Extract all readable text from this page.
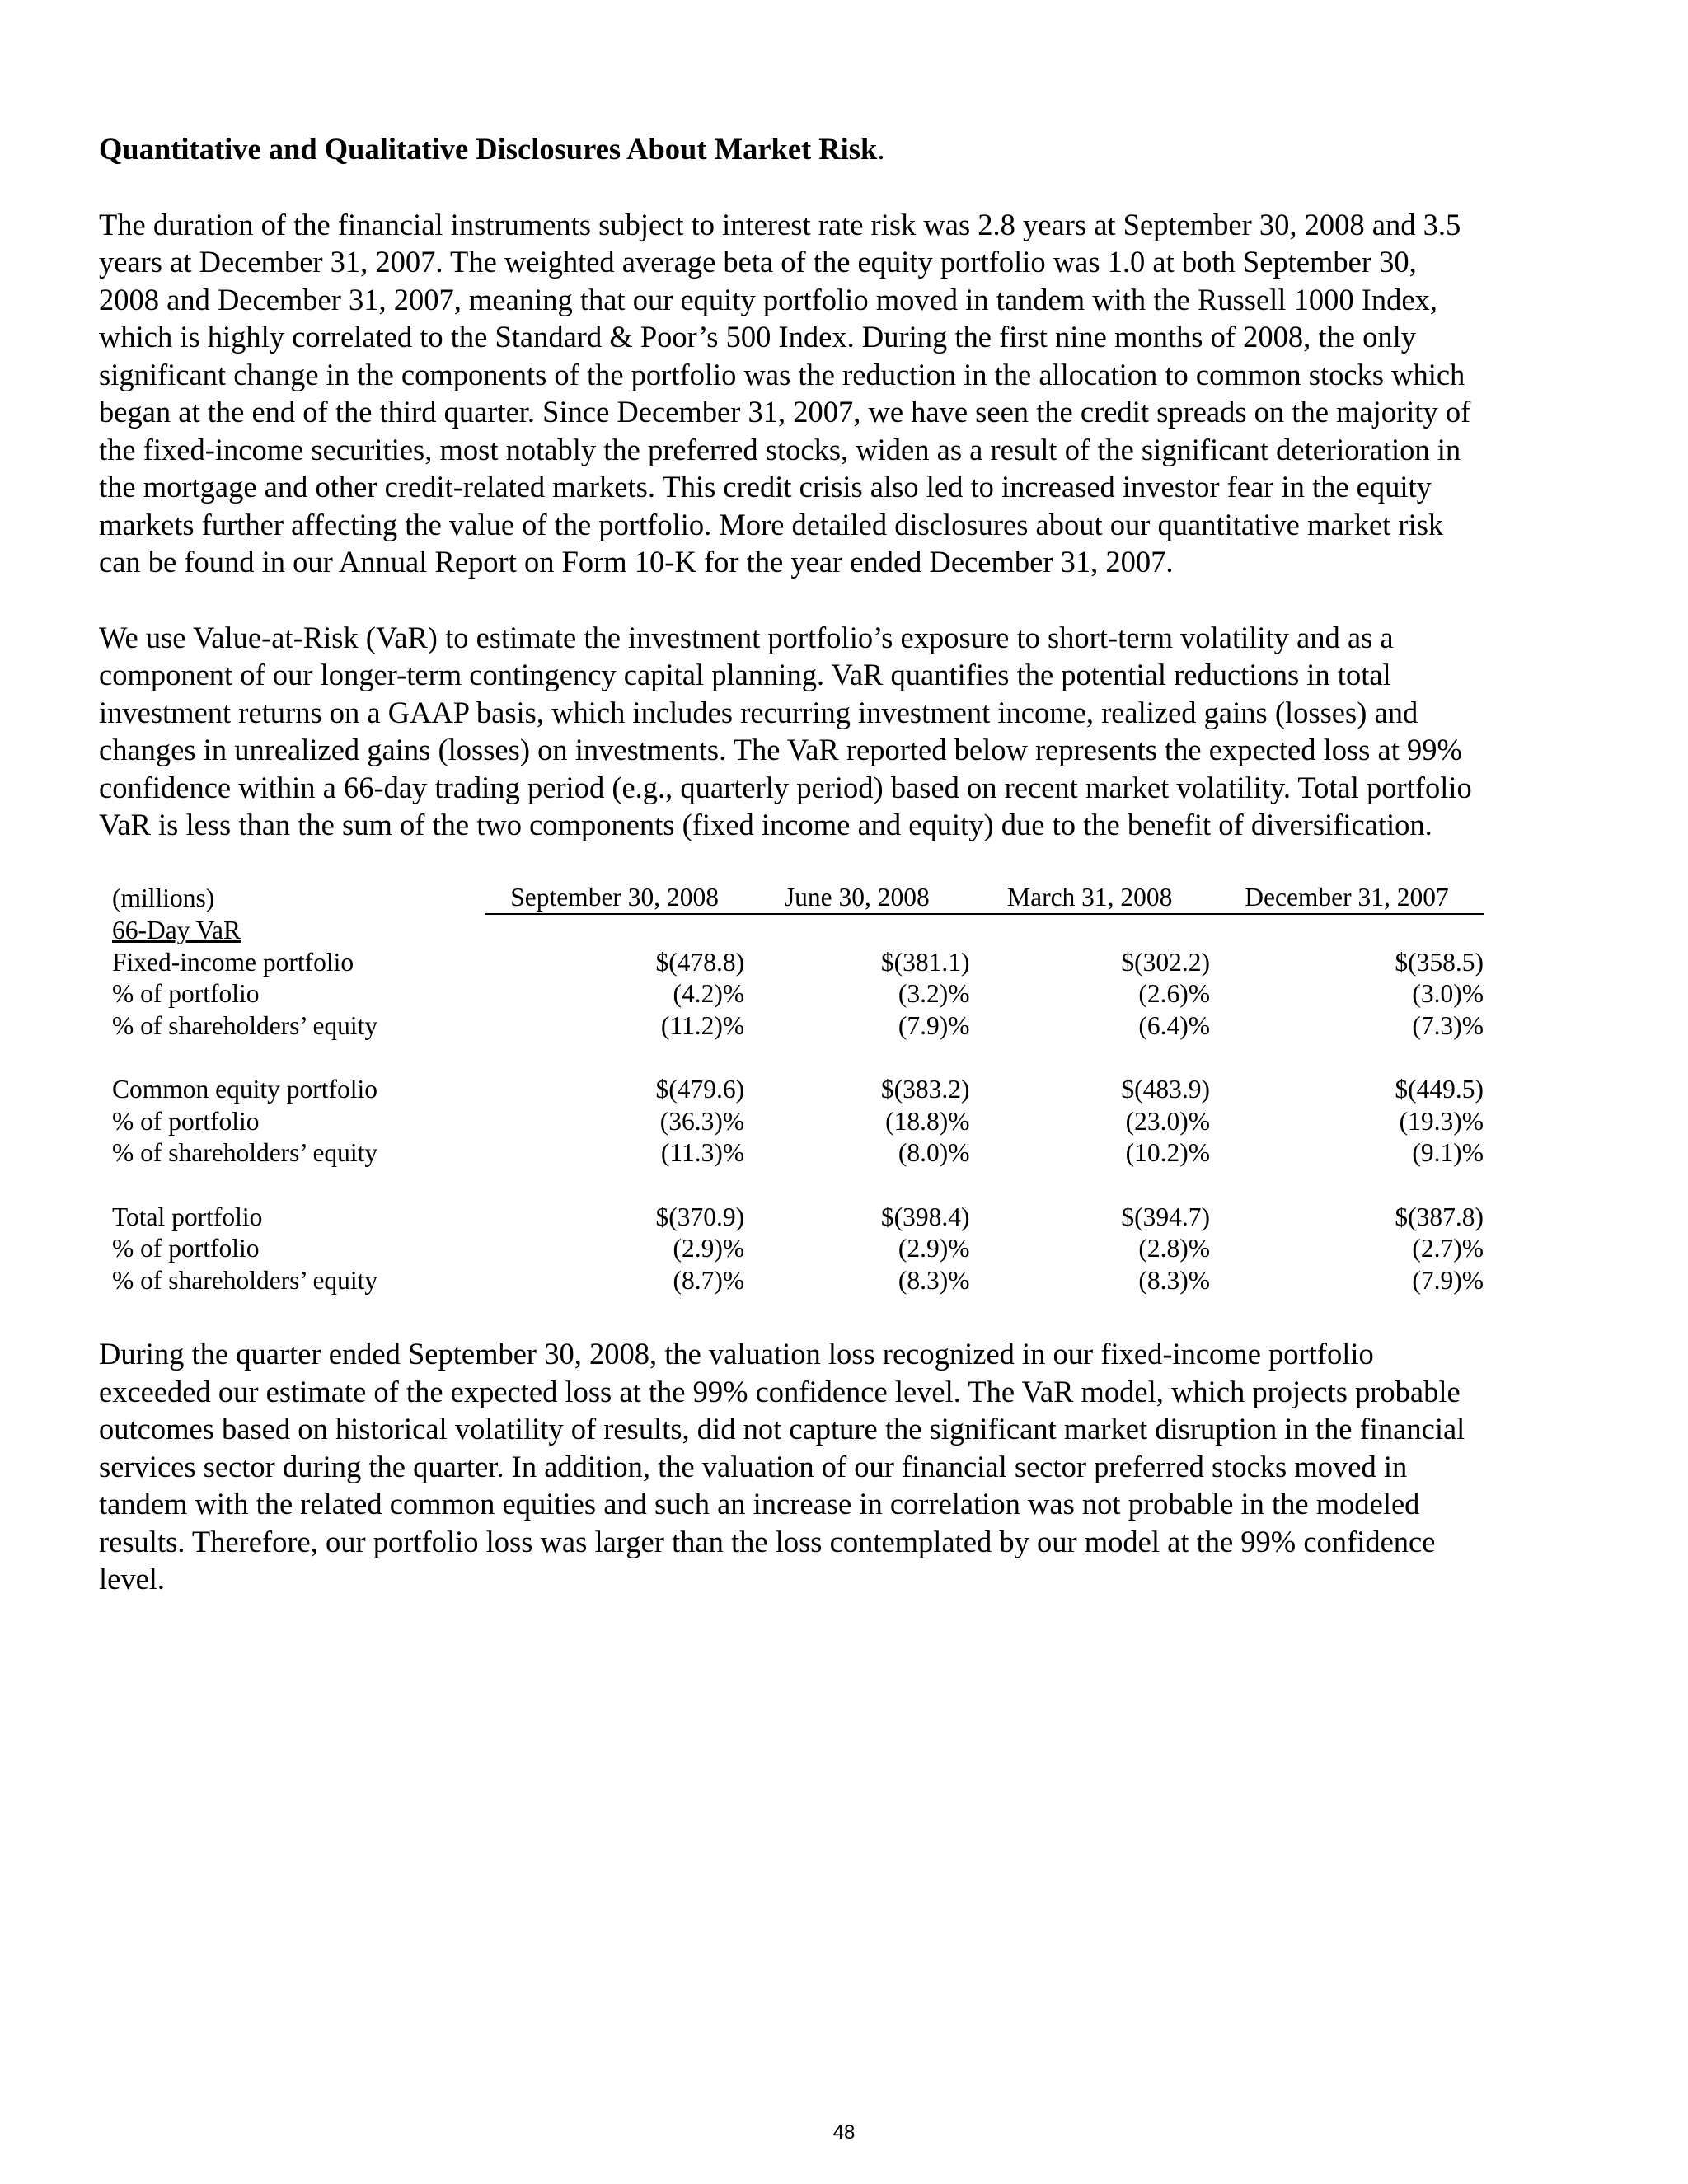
Quantitative and Qualitative Disclosures About Market Risk.

The duration of the financial instruments subject to interest rate risk was 2.8 years at September 30, 2008 and 3.5 years at December 31, 2007. The weighted average beta of the equity portfolio was 1.0 at both September 30, 2008 and December 31, 2007, meaning that our equity portfolio moved in tandem with the Russell 1000 Index, which is highly correlated to the Standard & Poor’s 500 Index. During the first nine months of 2008, the only significant change in the components of the portfolio was the reduction in the allocation to common stocks which began at the end of the third quarter. Since December 31, 2007, we have seen the credit spreads on the majority of the fixed-income securities, most notably the preferred stocks, widen as a result of the significant deterioration in the mortgage and other credit-related markets. This credit crisis also led to increased investor fear in the equity markets further affecting the value of the portfolio. More detailed disclosures about our quantitative market risk can be found in our Annual Report on Form 10-K for the year ended December 31, 2007.

We use Value-at-Risk (VaR) to estimate the investment portfolio’s exposure to short-term volatility and as a component of our longer-term contingency capital planning. VaR quantifies the potential reductions in total investment returns on a GAAP basis, which includes recurring investment income, realized gains (losses) and changes in unrealized gains (losses) on investments. The VaR reported below represents the expected loss at 99% confidence within a 66-day trading period (e.g., quarterly period) based on recent market volatility. Total portfolio VaR is less than the sum of the two components (fixed income and equity) due to the benefit of diversification.

(millions)	September 30, 2008	June 30, 2008	March 31, 2008	December 31, 2007

66-Day VaR				
Fixed-income portfolio	$(478.8)	$(381.1)	$(302.2)	$(358.5)
% of portfolio	(4.2)%	(3.2)%	(2.6)%	(3.0)%
% of shareholders’ equity	(11.2)%	(7.9)%	(6.4)%	(7.3)%

Common equity portfolio	$(479.6)	$(383.2)	$(483.9)	$(449.5)
% of portfolio	(36.3)%	(18.8)%	(23.0)%	(19.3)%
% of shareholders’ equity	(11.3)%	(8.0)%	(10.2)%	(9.1)%

Total portfolio	$(370.9)	$(398.4)	$(394.7)	$(387.8)
% of portfolio	(2.9)%	(2.9)%	(2.8)%	(2.7)%
% of shareholders’ equity	(8.7)%	(8.3)%	(8.3)%	(7.9)%

During the quarter ended September 30, 2008, the valuation loss recognized in our fixed-income portfolio exceeded our estimate of the expected loss at the 99% confidence level. The VaR model, which projects probable outcomes based on historical volatility of results, did not capture the significant market disruption in the financial services sector during the quarter. In addition, the valuation of our financial sector preferred stocks moved in tandem with the related common equities and such an increase in correlation was not probable in the modeled results. Therefore, our portfolio loss was larger than the loss contemplated by our model at the 99% confidence level.

48
